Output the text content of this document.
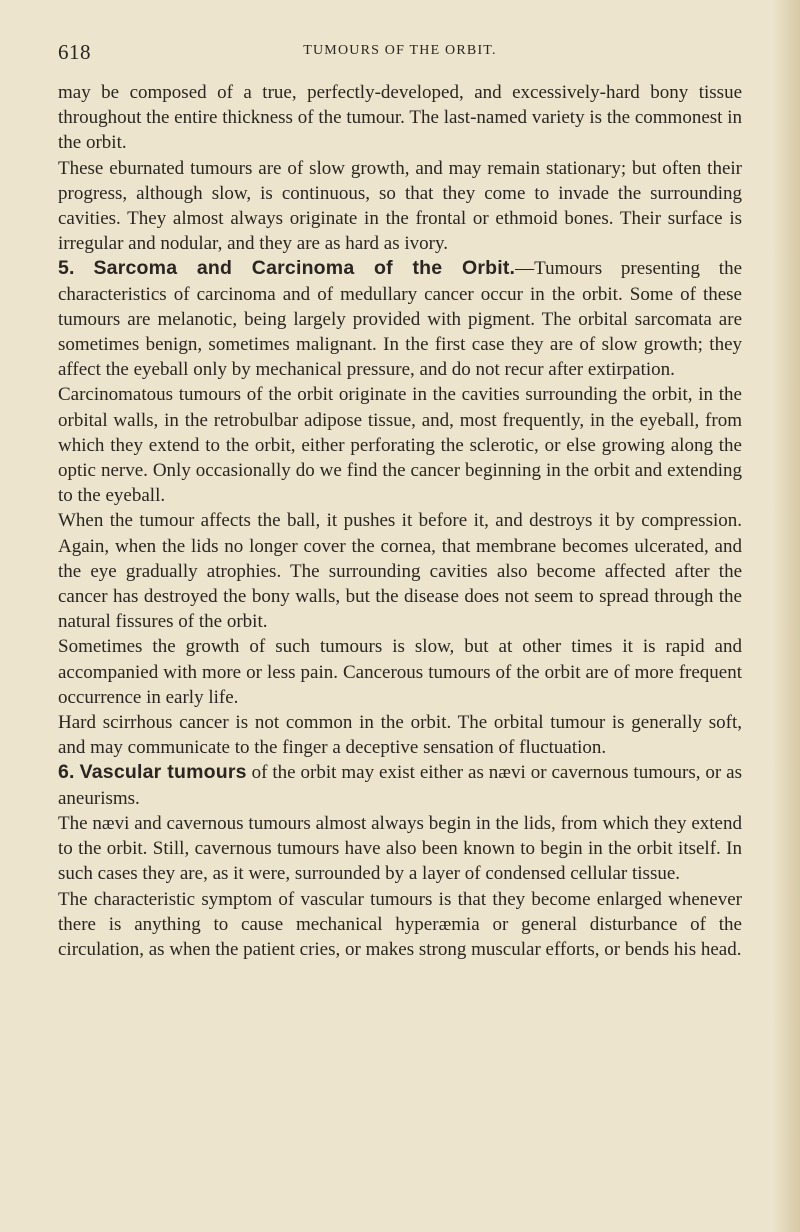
618	TUMOURS OF THE ORBIT.

may be composed of a true, perfectly-developed, and excessively-hard bony tissue throughout the entire thickness of the tumour. The last-named variety is the commonest in the orbit.

These eburnated tumours are of slow growth, and may remain stationary; but often their progress, although slow, is continuous, so that they come to invade the surrounding cavities. They almost always originate in the frontal or ethmoid bones. Their surface is irregular and nodular, and they are as hard as ivory.

5. Sarcoma and Carcinoma of the Orbit.—Tumours presenting the characteristics of carcinoma and of medullary cancer occur in the orbit. Some of these tumours are melanotic, being largely provided with pigment. The orbital sarcomata are sometimes benign, sometimes malignant. In the first case they are of slow growth; they affect the eyeball only by mechanical pressure, and do not recur after extirpation.

Carcinomatous tumours of the orbit originate in the cavities surrounding the orbit, in the orbital walls, in the retrobulbar adipose tissue, and, most frequently, in the eyeball, from which they extend to the orbit, either perforating the sclerotic, or else growing along the optic nerve. Only occasionally do we find the cancer beginning in the orbit and extending to the eyeball.

When the tumour affects the ball, it pushes it before it, and destroys it by compression. Again, when the lids no longer cover the cornea, that membrane becomes ulcerated, and the eye gradually atrophies. The surrounding cavities also become affected after the cancer has destroyed the bony walls, but the disease does not seem to spread through the natural fissures of the orbit.

Sometimes the growth of such tumours is slow, but at other times it is rapid and accompanied with more or less pain. Cancerous tumours of the orbit are of more frequent occurrence in early life.

Hard scirrhous cancer is not common in the orbit. The orbital tumour is generally soft, and may communicate to the finger a deceptive sensation of fluctuation.

6. Vascular tumours of the orbit may exist either as nævi or cavernous tumours, or as aneurisms.

The nævi and cavernous tumours almost always begin in the lids, from which they extend to the orbit. Still, cavernous tumours have also been known to begin in the orbit itself. In such cases they are, as it were, surrounded by a layer of condensed cellular tissue.

The characteristic symptom of vascular tumours is that they become enlarged whenever there is anything to cause mechanical hyperæmia or general disturbance of the circulation, as when the patient cries, or makes strong muscular efforts, or bends his head.
